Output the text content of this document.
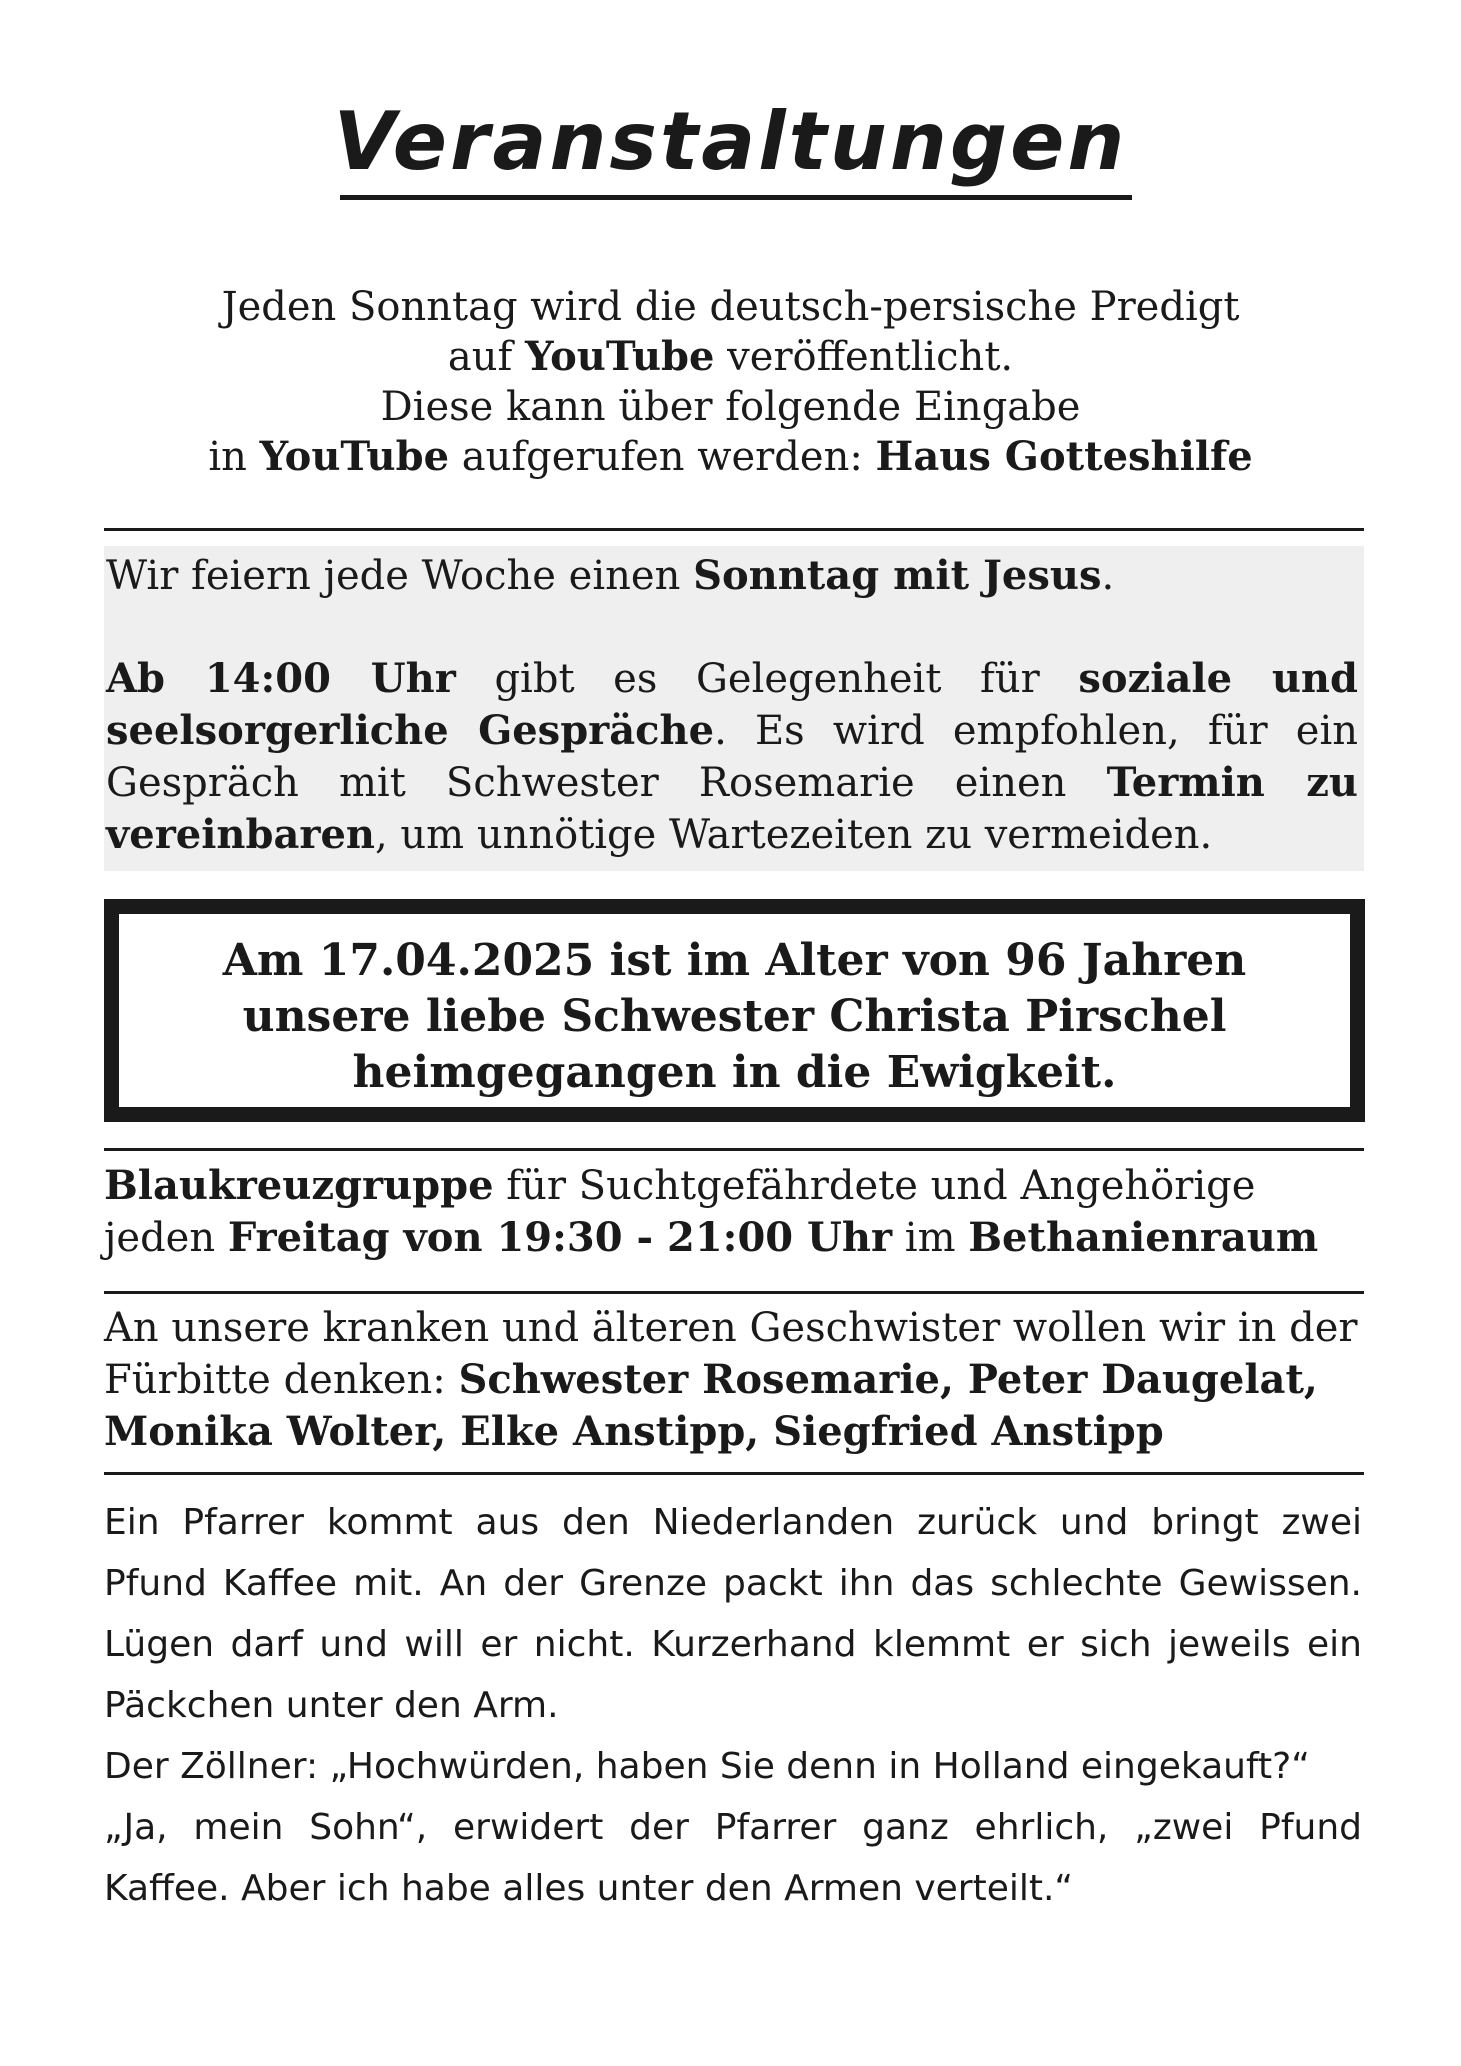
Veranstaltungen
Jeden Sonntag wird die deutsch-persische Predigt
auf YouTube veröffentlicht.
Diese kann über folgende Eingabe
in YouTube aufgerufen werden: Haus Gotteshilfe

Wir feiern jede Woche einen Sonntag mit Jesus.

Ab 14:00 Uhr gibt es Gelegenheit für soziale und seelsorgerliche Gespräche. Es wird empfohlen, für ein Gespräch mit Schwester Rosemarie einen Termin zu vereinbaren, um unnötige Wartezeiten zu vermeiden.

Am 17.04.2025 ist im Alter von 96 Jahren
unsere liebe Schwester Christa Pirschel
heimgegangen in die Ewigkeit.

Blaukreuzgruppe für Suchtgefährdete und Angehörige

jeden Freitag von 19:30 - 21:00 Uhr im Bethanienraum

An unsere kranken und älteren Geschwister wollen wir in der

Fürbitte denken: Schwester Rosemarie, Peter Daugelat,

Monika Wolter, Elke Anstipp, Siegfried Anstipp

Ein Pfarrer kommt aus den Niederlanden zurück und bringt zwei Pfund Kaffee mit. An der Grenze packt ihn das schlechte Gewissen. Lügen darf und will er nicht. Kurzerhand klemmt er sich jeweils ein Päckchen unter den Arm.

Der Zöllner: „Hochwürden, haben Sie denn in Holland eingekauft?“

„Ja, mein Sohn“, erwidert der Pfarrer ganz ehrlich, „zwei Pfund Kaffee. Aber ich habe alles unter den Armen verteilt.“
